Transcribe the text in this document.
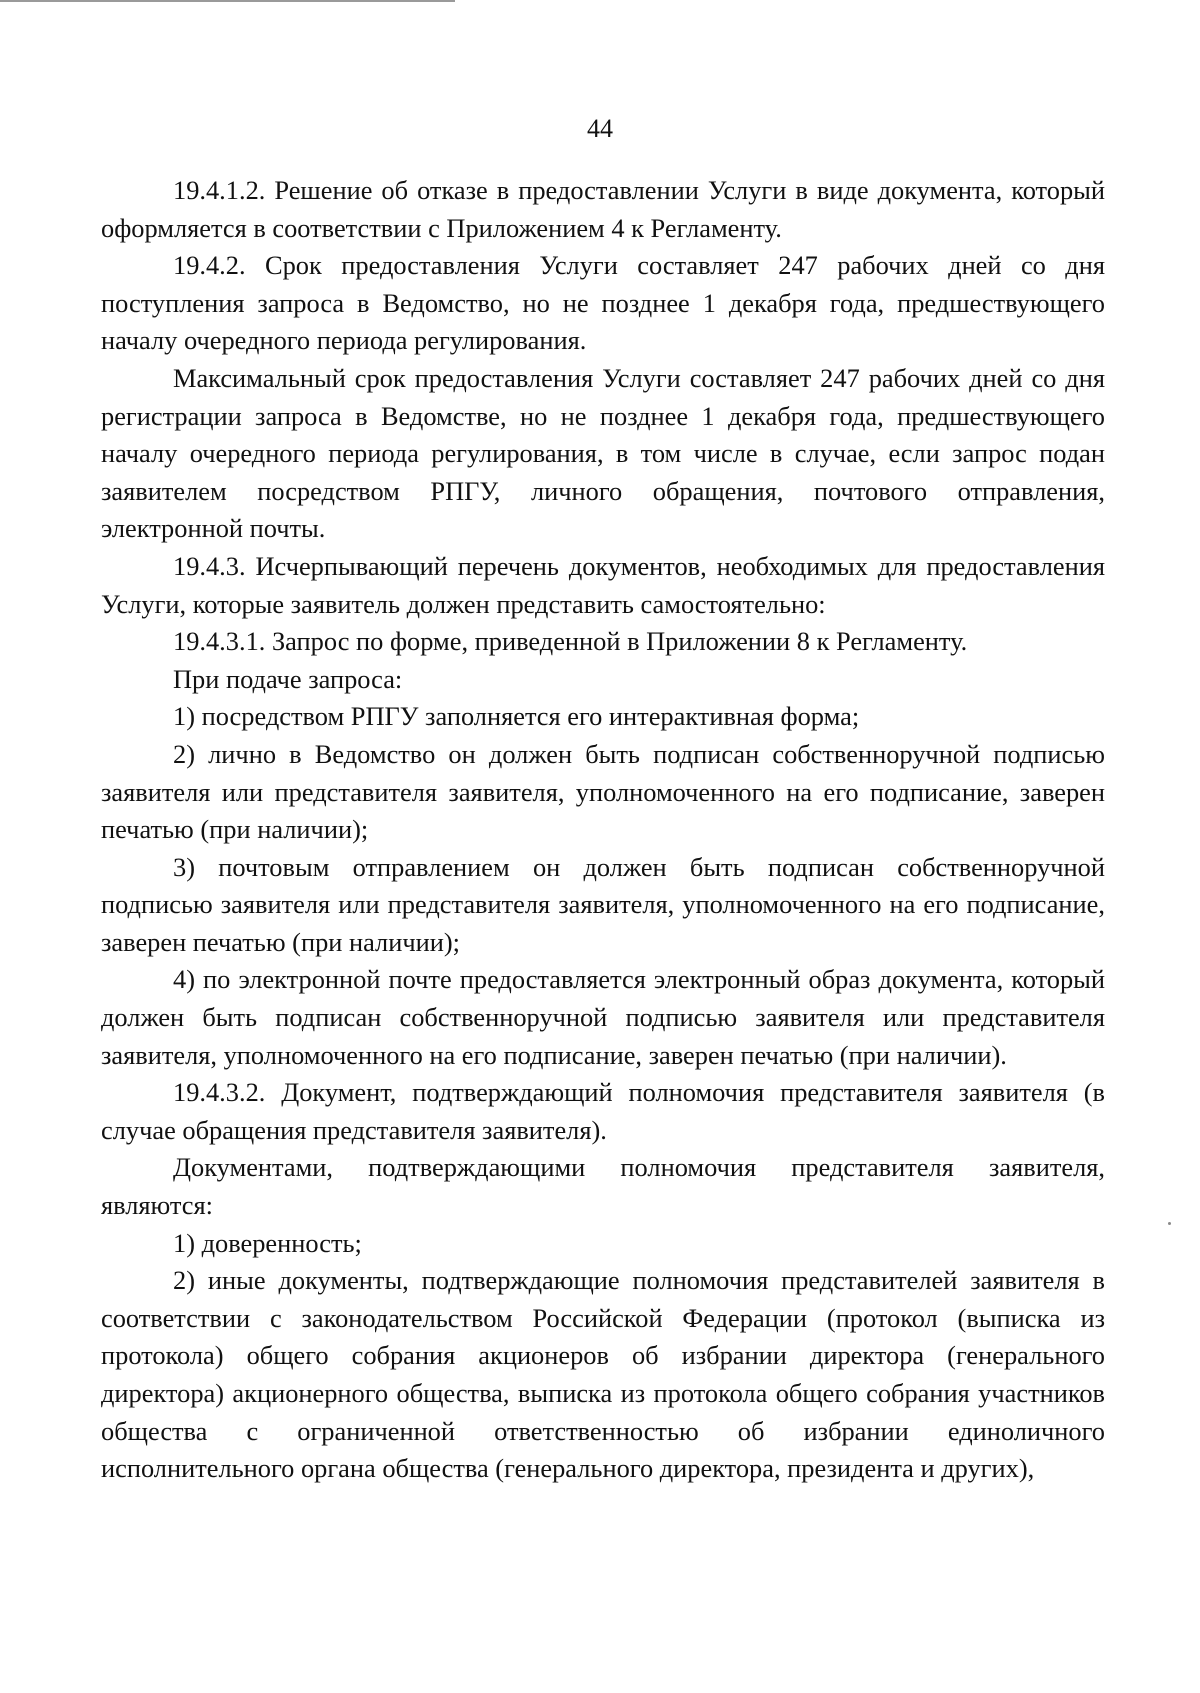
44

19.4.1.2. Решение об отказе в предоставлении Услуги в виде документа, который оформляется в соответствии с Приложением 4 к Регламенту.

19.4.2. Срок предоставления Услуги составляет 247 рабочих дней со дня поступления запроса в Ведомство, но не позднее 1 декабря года, предшествующего началу очередного периода регулирования.

Максимальный срок предоставления Услуги составляет 247 рабочих дней со дня регистрации запроса в Ведомстве, но не позднее 1 декабря года, предшествующего началу очередного периода регулирования, в том числе в случае, если запрос подан заявителем посредством РПГУ, личного обращения, почтового отправления, электронной почты.

19.4.3. Исчерпывающий перечень документов, необходимых для предоставления Услуги, которые заявитель должен представить самостоятельно:

19.4.3.1. Запрос по форме, приведенной в Приложении 8 к Регламенту.

При подаче запроса:

1) посредством РПГУ заполняется его интерактивная форма;

2) лично в Ведомство он должен быть подписан собственноручной подписью заявителя или представителя заявителя, уполномоченного на его подписание, заверен печатью (при наличии);

3) почтовым отправлением он должен быть подписан собственноручной подписью заявителя или представителя заявителя, уполномоченного на его подписание, заверен печатью (при наличии);

4) по электронной почте предоставляется электронный образ документа, который должен быть подписан собственноручной подписью заявителя или представителя заявителя, уполномоченного на его подписание, заверен печатью (при наличии).

19.4.3.2. Документ, подтверждающий полномочия представителя заявителя (в случае обращения представителя заявителя).

Документами, подтверждающими полномочия представителя заявителя, являются:

1) доверенность;

2) иные документы, подтверждающие полномочия представителей заявителя в соответствии с законодательством Российской Федерации (протокол (выписка из протокола) общего собрания акционеров об избрании директора (генерального директора) акционерного общества, выписка из протокола общего собрания участников общества с ограниченной ответственностью об избрании единоличного исполнительного органа общества (генерального директора, президента и других),
